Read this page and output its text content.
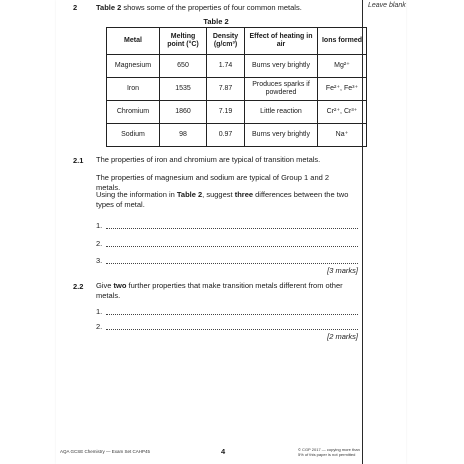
Leave blank
2	Table 2 shows some of the properties of four common metals.
Table 2
Metal	Melting point (°C)	Density (g/cm³)	Effect of heating in air	Ions formed
Magnesium	650	1.74	Burns very brightly	Mg²⁺
Iron	1535	7.87	Produces sparks if powdered	Fe²⁺, Fe³⁺
Chromium	1860	7.19	Little reaction	Cr²⁺, Cr³⁺
Sodium	98	0.97	Burns very brightly	Na⁺
2.1 The properties of iron and chromium are typical of transition metals.
The properties of magnesium and sodium are typical of Group 1 and 2 metals.
Using the information in Table 2, suggest three differences between the two types of metal.
1.
2.
3.
[3 marks]
2.2 Give two further properties that make transition metals different from other metals.
1.
2.
[2 marks]
AQA GCSE Chemistry — Exam Set CAHP45	4	© CGP 2017 — copying more than 5% of this paper is not permitted
